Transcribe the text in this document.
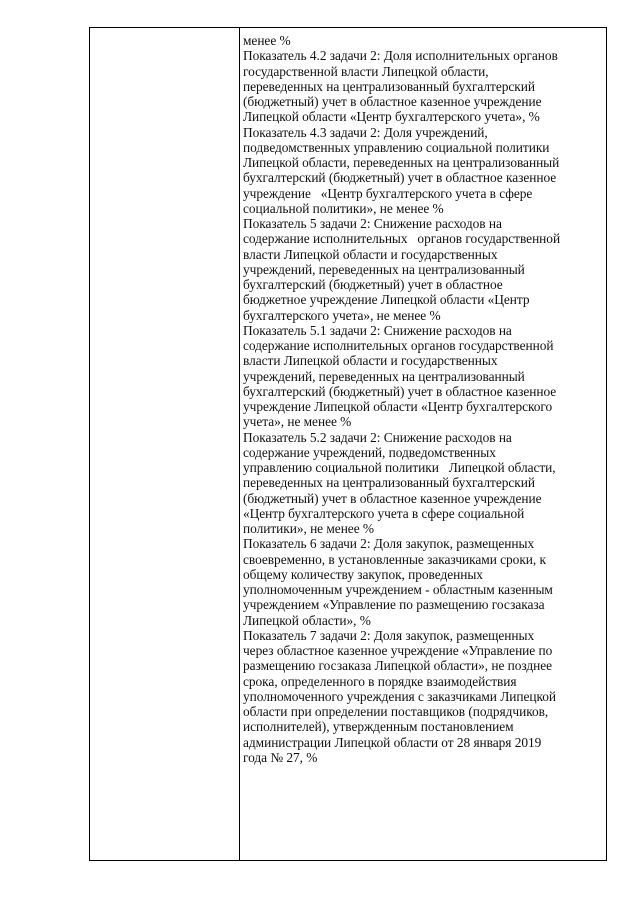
менее %
Показатель 4.2 задачи 2: Доля исполнительных органов
государственной власти Липецкой области,
переведенных на централизованный бухгалтерский
(бюджетный) учет в областное казенное учреждение
Липецкой области «Центр бухгалтерского учета», %
Показатель 4.3 задачи 2: Доля учреждений,
подведомственных управлению социальной политики
Липецкой области, переведенных на централизованный
бухгалтерский (бюджетный) учет в областное казенное
учреждение   «Центр бухгалтерского учета в сфере
социальной политики», не менее %
Показатель 5 задачи 2: Снижение расходов на
содержание исполнительных   органов государственной
власти Липецкой области и государственных
учреждений, переведенных на централизованный
бухгалтерский (бюджетный) учет в областное
бюджетное учреждение Липецкой области «Центр
бухгалтерского учета», не менее %
Показатель 5.1 задачи 2: Снижение расходов на
содержание исполнительных органов государственной
власти Липецкой области и государственных
учреждений, переведенных на централизованный
бухгалтерский (бюджетный) учет в областное казенное
учреждение Липецкой области «Центр бухгалтерского
учета», не менее %
Показатель 5.2 задачи 2: Снижение расходов на
содержание учреждений, подведомственных
управлению социальной политики   Липецкой области,
переведенных на централизованный бухгалтерский
(бюджетный) учет в областное казенное учреждение
«Центр бухгалтерского учета в сфере социальной
политики», не менее %
Показатель 6 задачи 2: Доля закупок, размещенных
своевременно, в установленные заказчиками сроки, к
общему количеству закупок, проведенных
уполномоченным учреждением - областным казенным
учреждением «Управление по размещению госзаказа
Липецкой области», %
Показатель 7 задачи 2: Доля закупок, размещенных
через областное казенное учреждение «Управление по
размещению госзаказа Липецкой области», не позднее
срока, определенного в порядке взаимодействия
уполномоченного учреждения с заказчиками Липецкой
области при определении поставщиков (подрядчиков,
исполнителей), утвержденным постановлением
администрации Липецкой области от 28 января 2019
года № 27, %
